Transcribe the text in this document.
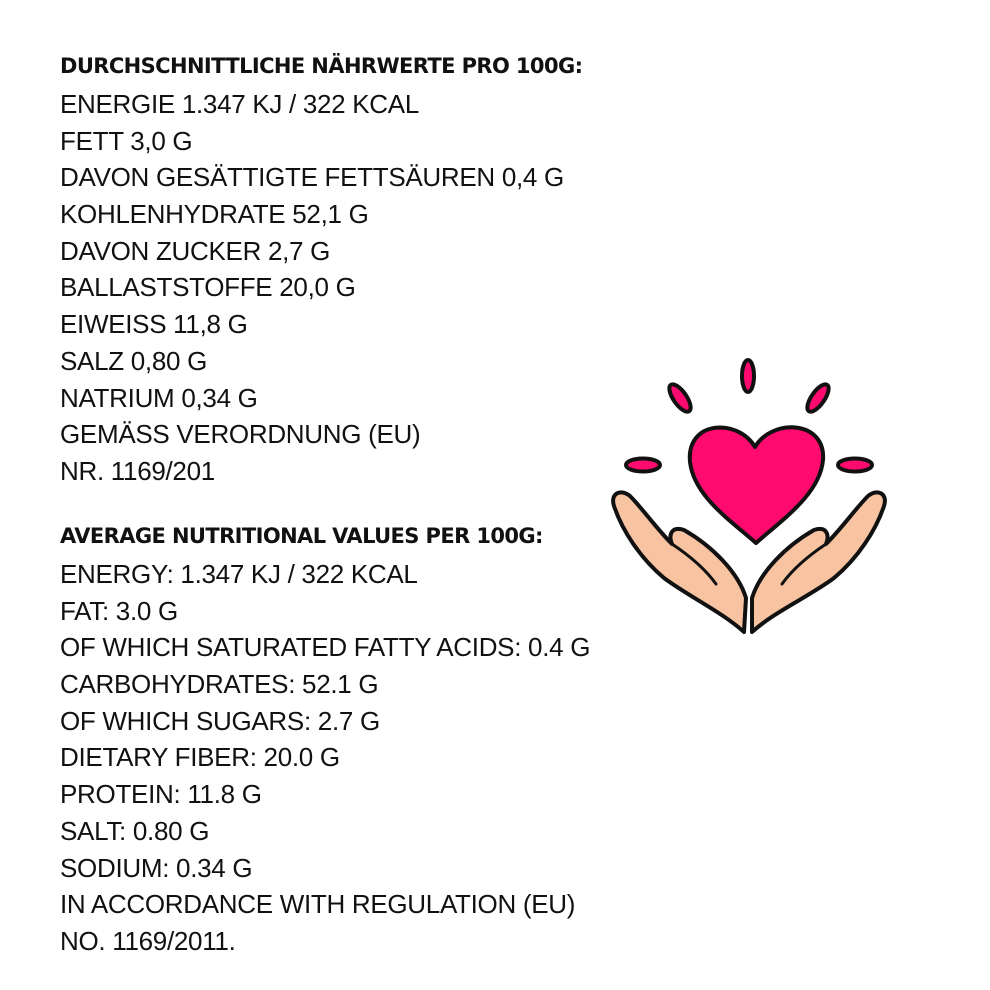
DURCHSCHNITTLICHE NÄHRWERTE PRO 100G:
ENERGIE 1.347 KJ / 322 KCAL
FETT 3,0 G
DAVON GESÄTTIGTE FETTSÄUREN 0,4 G
KOHLENHYDRATE 52,1 G
DAVON ZUCKER 2,7 G
BALLASTSTOFFE 20,0 G
EIWEISS 11,8 G
SALZ 0,80 G
NATRIUM 0,34 G
GEMÄSS VERORDNUNG (EU)
NR. 1169/201
AVERAGE NUTRITIONAL VALUES PER 100G:
ENERGY: 1.347 KJ / 322 KCAL
FAT: 3.0 G
OF WHICH SATURATED FATTY ACIDS: 0.4 G
CARBOHYDRATES: 52.1 G
OF WHICH SUGARS: 2.7 G
DIETARY FIBER: 20.0 G
PROTEIN: 11.8 G
SALT: 0.80 G
SODIUM: 0.34 G
IN ACCORDANCE WITH REGULATION (EU)
NO. 1169/2011.
